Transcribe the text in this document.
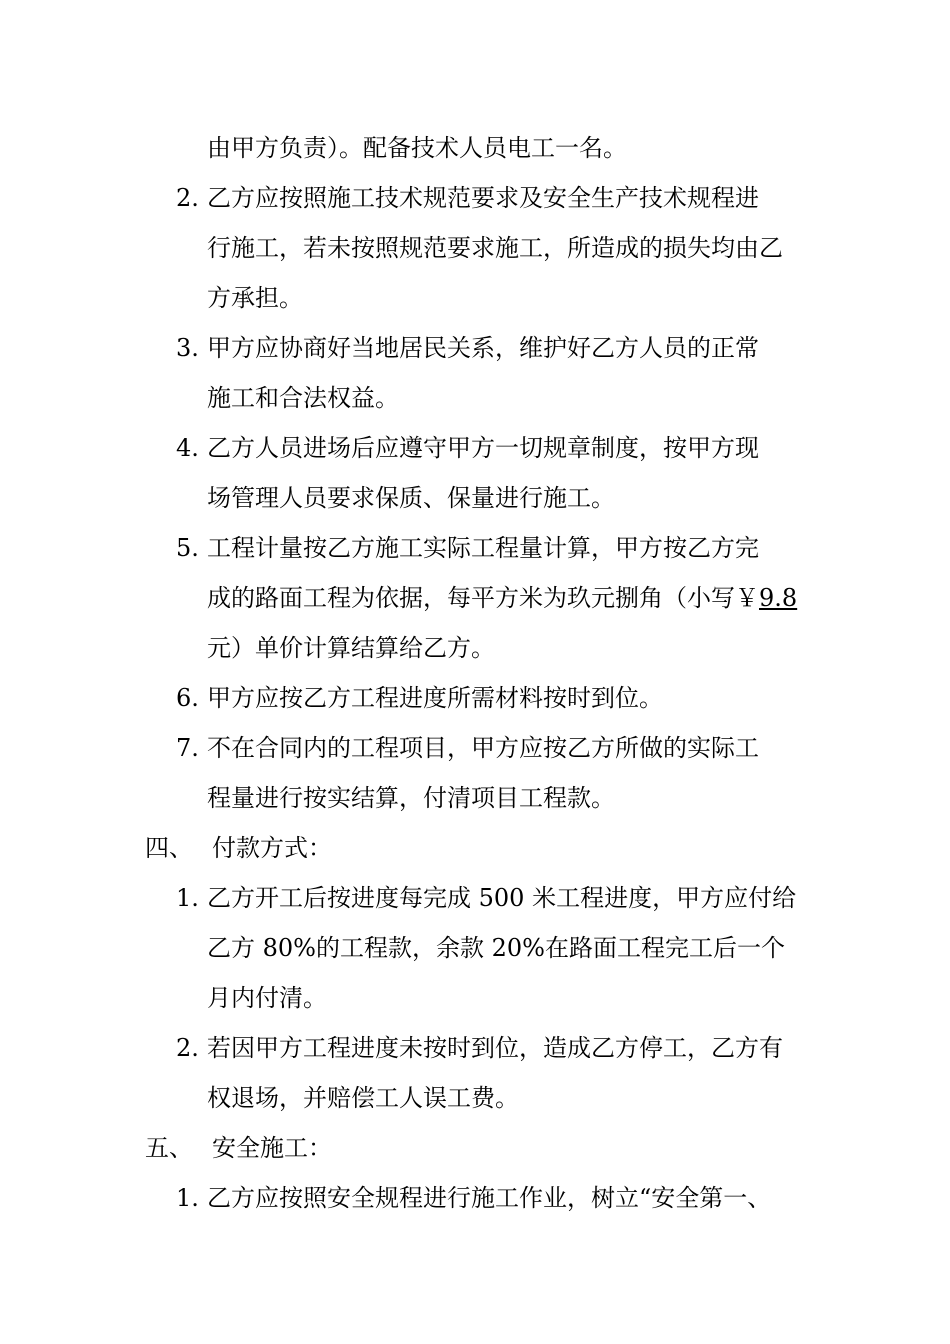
由甲方负责）。配备技术人员电工一名。
2. 乙方应按照施工技术规范要求及安全生产技术规程进
行施工，若未按照规范要求施工，所造成的损失均由乙
方承担。
3. 甲方应协商好当地居民关系，维护好乙方人员的正常
施工和合法权益。
4. 乙方人员进场后应遵守甲方一切规章制度，按甲方现
场管理人员要求保质、保量进行施工。
5. 工程计量按乙方施工实际工程量计算，甲方按乙方完
成的路面工程为依据，每平方米为玖元捌角（小写￥9.8
元）单价计算结算给乙方。
6. 甲方应按乙方工程进度所需材料按时到位。
7. 不在合同内的工程项目，甲方应按乙方所做的实际工
程量进行按实结算，付清项目工程款。
四、 付款方式：
1. 乙方开工后按进度每完成 500 米工程进度，甲方应付给
乙方 80%的工程款，余款 20%在路面工程完工后一个
月内付清。
2. 若因甲方工程进度未按时到位，造成乙方停工，乙方有
权退场，并赔偿工人误工费。
五、 安全施工：
1. 乙方应按照安全规程进行施工作业，树立“安全第一、
